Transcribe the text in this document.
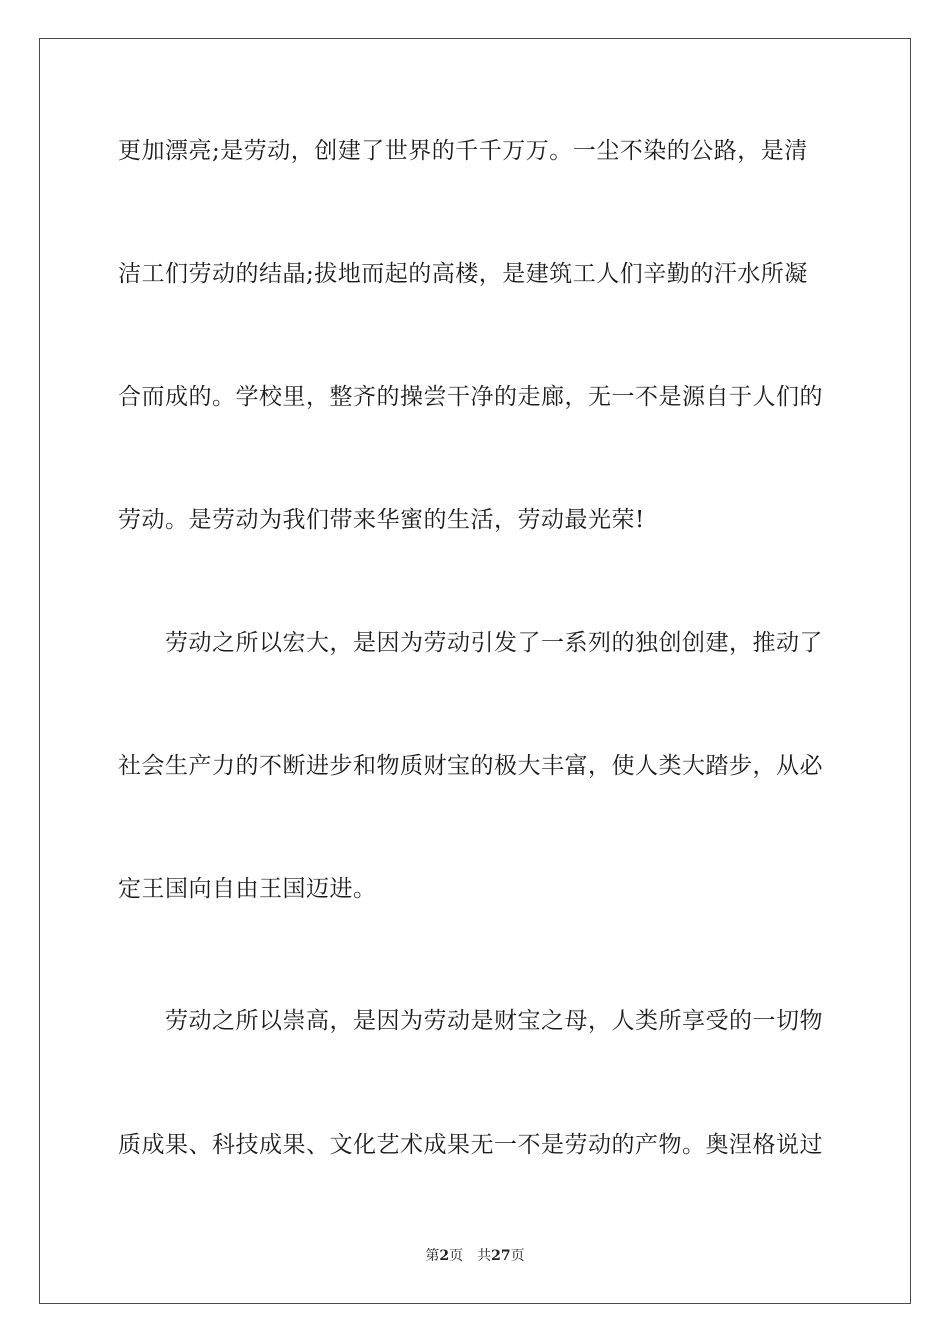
更加漂亮;是劳动，创建了世界的千千万万。一尘不染的公路，是清
洁工们劳动的结晶;拔地而起的高楼，是建筑工人们辛勤的汗水所凝
合而成的。学校里，整齐的操尝干净的走廊，无一不是源自于人们的
劳动。是劳动为我们带来华蜜的生活，劳动最光荣!
劳动之所以宏大，是因为劳动引发了一系列的独创创建，推动了
社会生产力的不断进步和物质财宝的极大丰富，使人类大踏步，从必
定王国向自由王国迈进。
劳动之所以崇高，是因为劳动是财宝之母，人类所享受的一切物
质成果、科技成果、文化艺术成果无一不是劳动的产物。奥涅格说过
第2页 共27页
